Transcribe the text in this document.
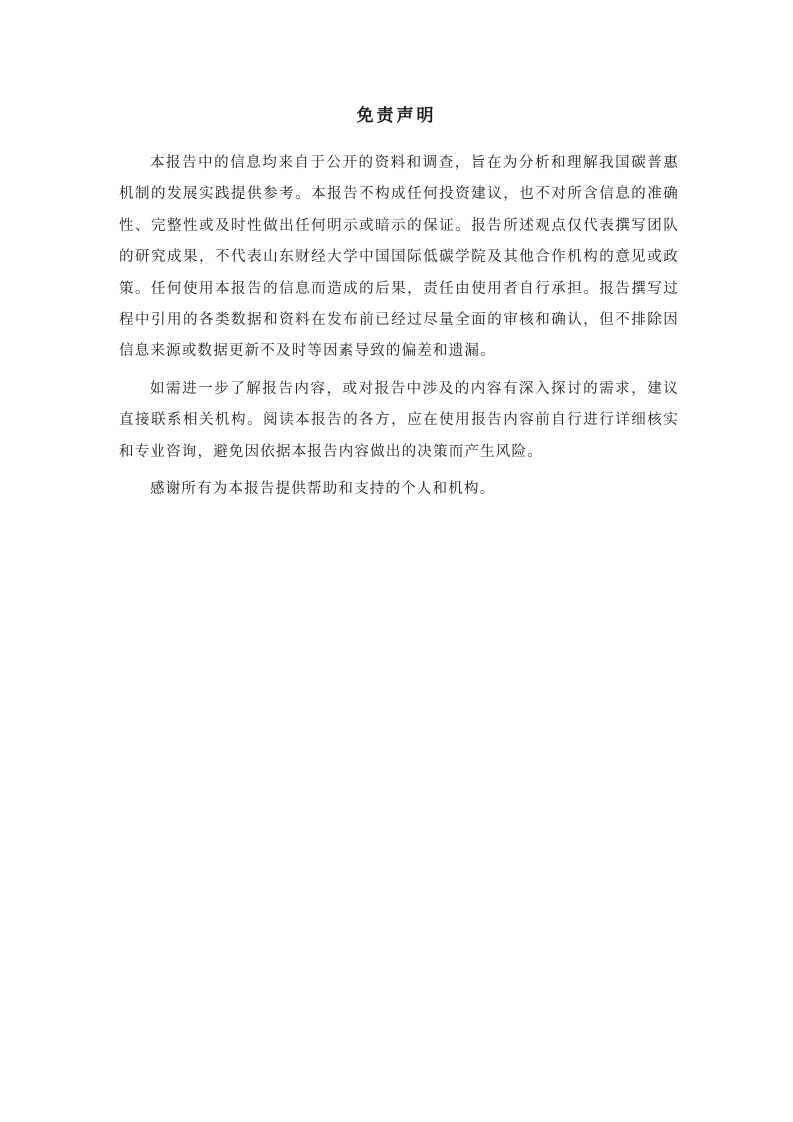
免责声明

本报告中的信息均来自于公开的资料和调查，旨在为分析和理解我国碳普惠机制的发展实践提供参考。本报告不构成任何投资建议，也不对所含信息的准确性、完整性或及时性做出任何明示或暗示的保证。报告所述观点仅代表撰写团队的研究成果，不代表山东财经大学中国国际低碳学院及其他合作机构的意见或政策。任何使用本报告的信息而造成的后果，责任由使用者自行承担。报告撰写过程中引用的各类数据和资料在发布前已经过尽量全面的审核和确认，但不排除因信息来源或数据更新不及时等因素导致的偏差和遗漏。

如需进一步了解报告内容，或对报告中涉及的内容有深入探讨的需求，建议直接联系相关机构。阅读本报告的各方，应在使用报告内容前自行进行详细核实和专业咨询，避免因依据本报告内容做出的决策而产生风险。

感谢所有为本报告提供帮助和支持的个人和机构。
